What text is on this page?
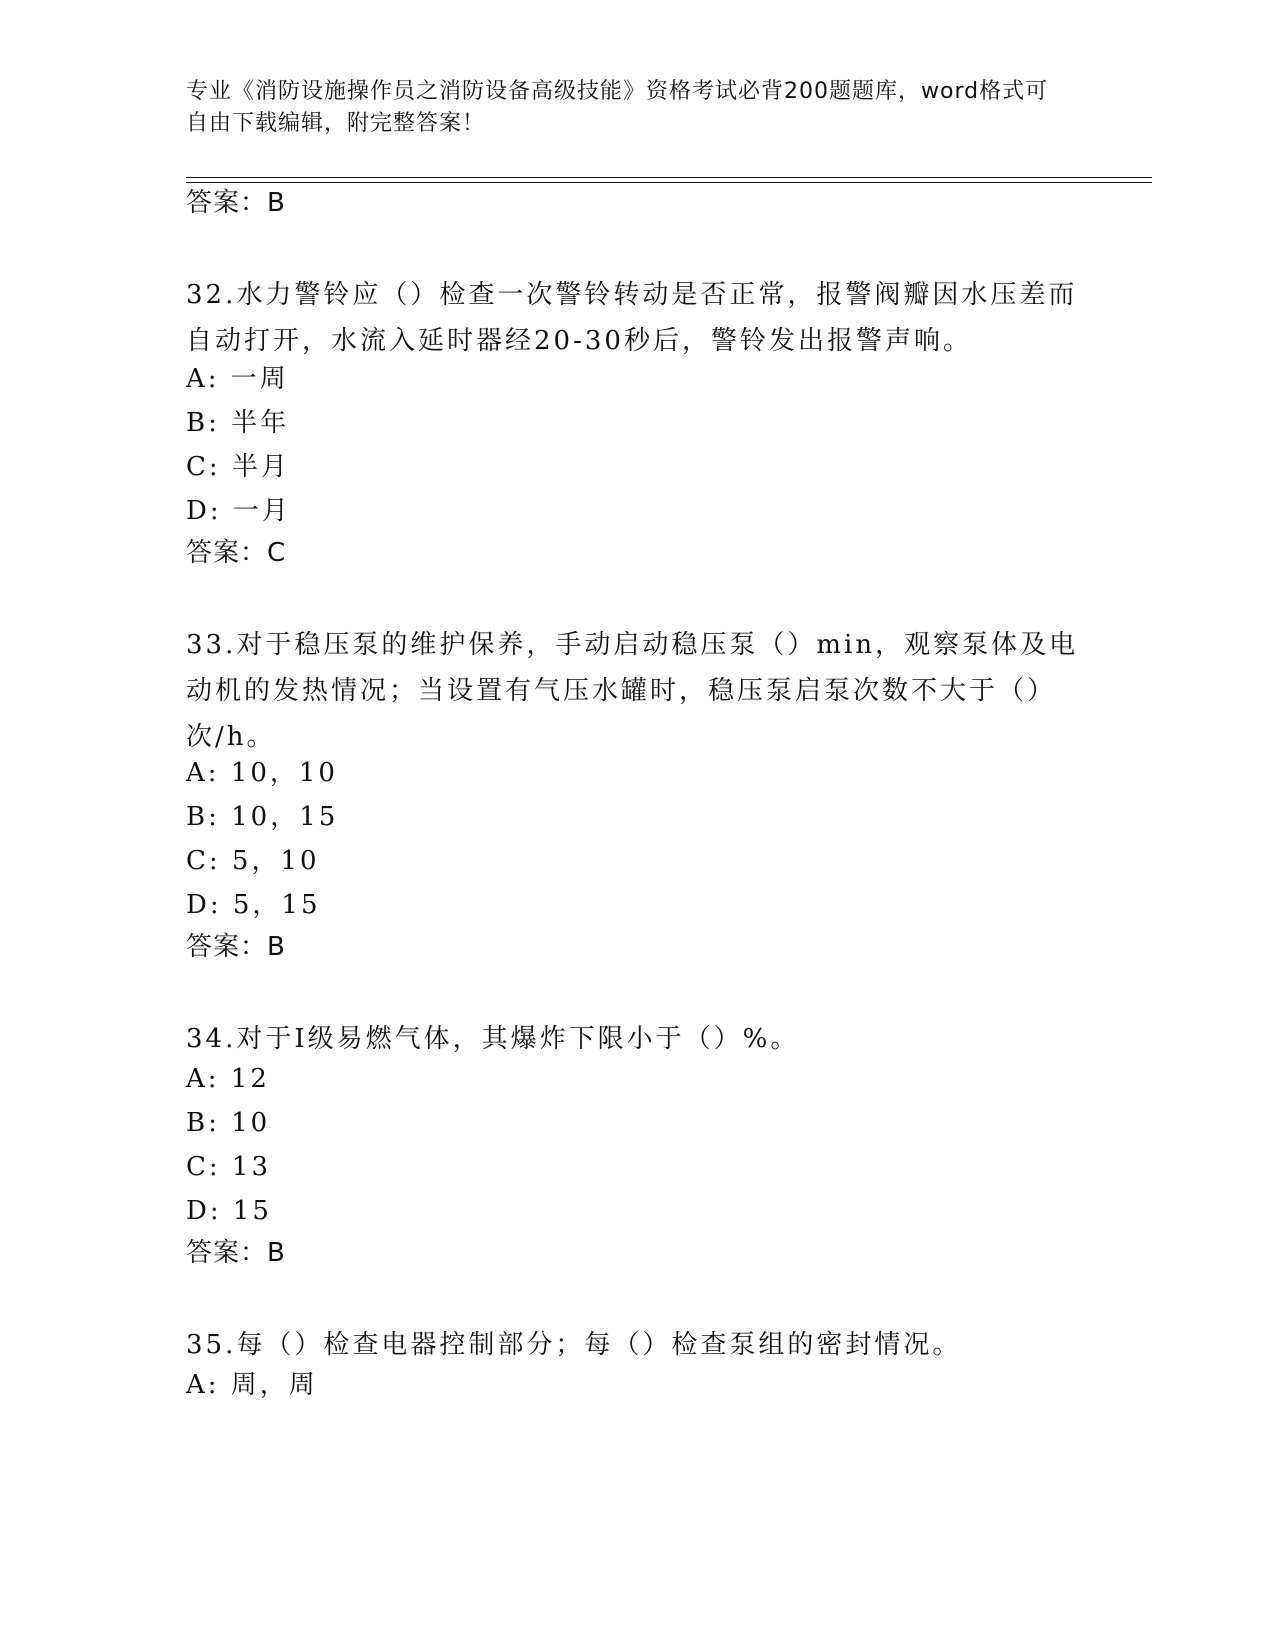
专业《消防设施操作员之消防设备高级技能》资格考试必背200题题库，word格式可自由下载编辑，附完整答案！
答案：B
32.水力警铃应（）检查一次警铃转动是否正常，报警阀瓣因水压差而自动打开，水流入延时器经20-30秒后，警铃发出报警声响。
A: 一周
B: 半年
C: 半月
D: 一月
答案：C
33.对于稳压泵的维护保养，手动启动稳压泵（）min，观察泵体及电动机的发热情况；当设置有气压水罐时，稳压泵启泵次数不大于（）次/h。
A: 10，10
B: 10，15
C: 5，10
D: 5，15
答案：B
34.对于Ⅰ级易燃气体，其爆炸下限小于（）%。
A: 12
B: 10
C: 13
D: 15
答案：B
35.每（）检查电器控制部分；每（）检查泵组的密封情况。
A: 周，周
